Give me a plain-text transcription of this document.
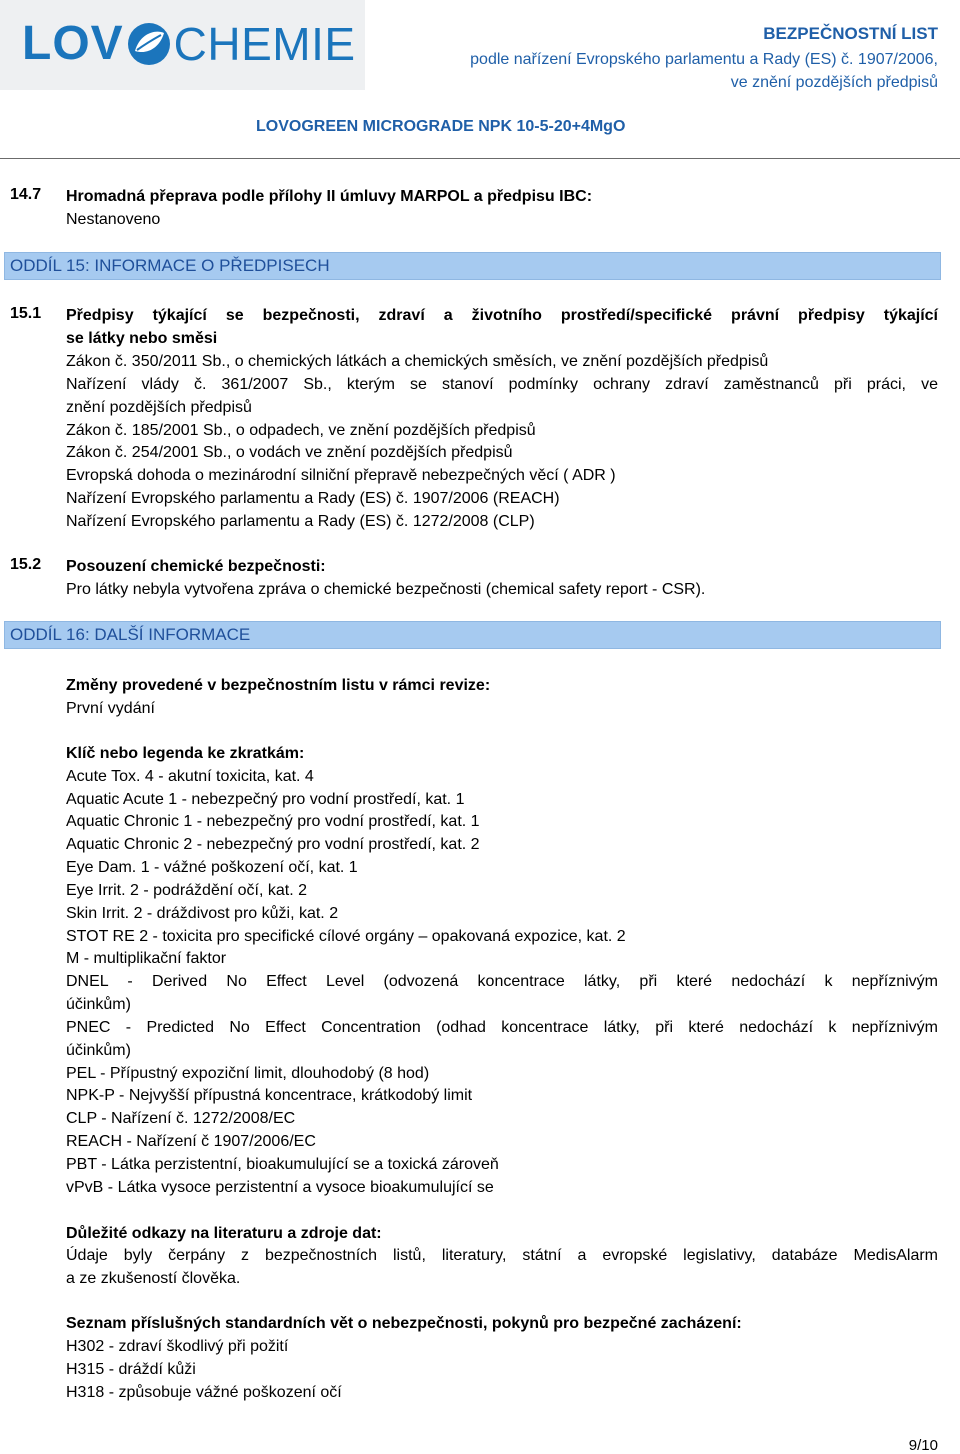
LOV CHEMIE	BEZPEČNOSTNÍ LIST
podle nařízení Evropského parlamentu a Rady (ES) č. 1907/2006,
ve znění pozdějších předpisů
LOVOGREEN MICROGRADE NPK 10-5-20+4MgO
14.7 Hromadná přeprava podle přílohy II úmluvy MARPOL a předpisu IBC:
Nestanoveno
ODDÍL 15: INFORMACE O PŘEDPISECH
15.1 Předpisy týkající se bezpečnosti, zdraví a životního prostředí/specifické právní předpisy týkající
se látky nebo směsi
Zákon č. 350/2011 Sb., o chemických látkách a chemických směsích, ve znění pozdějších předpisů
Nařízení vlády č. 361/2007 Sb., kterým se stanoví podmínky ochrany zdraví zaměstnanců při práci, ve
znění pozdějších předpisů
Zákon č. 185/2001 Sb., o odpadech, ve znění pozdějších předpisů
Zákon č. 254/2001 Sb., o vodách ve znění pozdějších předpisů
Evropská dohoda o mezinárodní silniční přepravě nebezpečných věcí ( ADR )
Nařízení Evropského parlamentu a Rady (ES) č. 1907/2006 (REACH)
Nařízení Evropského parlamentu a Rady (ES) č. 1272/2008 (CLP)
15.2 Posouzení chemické bezpečnosti:
Pro látky nebyla vytvořena zpráva o chemické bezpečnosti (chemical safety report - CSR).
ODDÍL 16: DALŠÍ INFORMACE
Změny provedené v bezpečnostním listu v rámci revize:
První vydání
Klíč nebo legenda ke zkratkám:
Acute Tox. 4 - akutní toxicita, kat. 4
Aquatic Acute 1 - nebezpečný pro vodní prostředí, kat. 1
Aquatic Chronic 1 - nebezpečný pro vodní prostředí, kat. 1
Aquatic Chronic 2 - nebezpečný pro vodní prostředí, kat. 2
Eye Dam. 1 - vážné poškození očí, kat. 1
Eye Irrit. 2 - podráždění očí, kat. 2
Skin Irrit. 2 - dráždivost pro kůži, kat. 2
STOT RE 2 - toxicita pro specifické cílové orgány – opakovaná expozice, kat. 2
M - multiplikační faktor
DNEL - Derived No Effect Level (odvozená koncentrace látky, při které nedochází k nepříznivým
účinkům)
PNEC - Predicted No Effect Concentration (odhad koncentrace látky, při které nedochází k nepříznivým
účinkům)
PEL - Přípustný expoziční limit, dlouhodobý (8 hod)
NPK-P - Nejvyšší přípustná koncentrace, krátkodobý limit
CLP - Nařízení č. 1272/2008/EC
REACH - Nařízení č 1907/2006/EC
PBT - Látka perzistentní, bioakumulující se a toxická zároveň
vPvB - Látka vysoce perzistentní a vysoce bioakumulující se
Důležité odkazy na literaturu a zdroje dat:
Údaje byly čerpány z bezpečnostních listů, literatury, státní a evropské legislativy, databáze MedisAlarm
a ze zkušeností člověka.
Seznam příslušných standardních vět o nebezpečnosti, pokynů pro bezpečné zacházení:
H302 - zdraví škodlivý při požití
H315 - dráždí kůži
H318 - způsobuje vážné poškození očí
9/10
